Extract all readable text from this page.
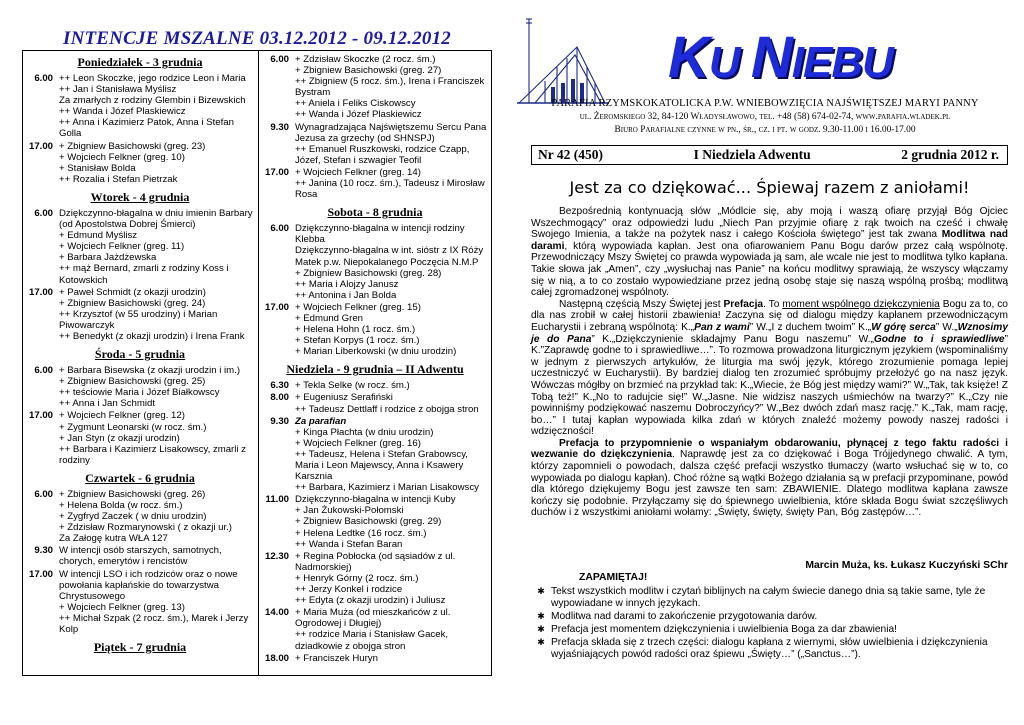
INTENCJE MSZALNE 03.12.2012 - 09.12.2012
Poniedziałek - 3 grudnia
6.00 ++ Leon Skoczke, jego rodzice Leon i Maria
++ Jan i Stanisława Myślisz
Za zmarłych z rodziny Glembin i Bizewskich
++ Wanda i Józef Plaskiewicz
++ Anna i Kazimierz Patok, Anna i Stefan Golla
17.00 + Zbigniew Basichowski (greg. 23)
+ Wojciech Felkner (greg. 10)
+ Stanisław Bolda
++ Rozalia i Stefan Pietrzak
Wtorek - 4 grudnia
6.00 Dziękczynno-błagalna w dniu imienin Barbary (od Apostolstwa Dobrej Śmierci)
+ Edmund Myślisz
+ Wojciech Felkner (greg. 11)
+ Barbara Jażdżewska
++ mąż Bernard, zmarli z rodziny Koss i Kotowskich
17.00 + Paweł Schmidt (z okazji urodzin)
+ Zbigniew Basichowski (greg. 24)
++ Krzysztof (w 55 urodziny) i Marian Piwowarczyk
++ Benedykt (z okazji urodzin) i Irena Frank
Środa - 5 grudnia
6.00 + Barbara Bisewska (z okazji urodzin i im.)
+ Zbigniew Basichowski (greg. 25)
++ teściowie Maria i Józef Białkowscy
++ Anna i Jan Schmidt
17.00 + Wojciech Felkner (greg. 12)
+ Zygmunt Leonarski (w rocz. śm.)
+ Jan Styn (z okazji urodzin)
++ Barbara i Kazimierz Lisakowscy, zmarli z rodziny
Czwartek - 6 grudnia
6.00 + Zbigniew Basichowski (greg. 26)
+ Helena Bolda (w rocz. śm.)
+ Zygfryd Zaczek ( w dniu urodzin)
+ Zdzisław Rozmarynowski ( z okazji ur.)
Za Załogę kutra WŁA 127
9.30 W intencji osób starszych, samotnych, chorych, emerytów i rencistów
17.00 W intencji LSO i ich rodziców oraz o nowe powołania kapłańskie do towarzystwa Chrystusowego
+ Wojciech Felkner (greg. 13)
++ Michał Szpak (2 rocz. śm.), Marek i Jerzy Kolp
Piątek - 7 grudnia
6.00 + Zdzisław Skoczke (2 rocz. śm.)
+ Zbigniew Basichowski (greg. 27)
++ Zbigniew (5 rocz. śm.), Irena i Franciszek Bystram
++ Aniela i Feliks Ciskowscy
++ Wanda i Józef Plaskiewicz
9.30 Wynagradzająca Najświętszemu Sercu Pana Jezusa za grzechy (od SHNSPJ)
++ Emanuel Ruszkowski, rodzice Czapp, Józef, Stefan i szwagier Teofil
17.00 + Wojciech Felkner (greg. 14)
++ Janina (10 rocz. śm.), Tadeusz i Mirosław Rosa
Sobota - 8 grudnia
6.00 Dziękczynno-błagalna w intencji rodziny Klebba
Dziękczynno-błagalna w int. sióstr z IX Róży Matek p.w. Niepokalanego Poczęcia N.M.P
+ Zbigniew Basichowski (greg. 28)
++ Maria i Alojzy Janusz
++ Antonina i Jan Bolda
17.00 + Wojciech Felkner (greg. 15)
+ Edmund Gren
+ Helena Hohn (1 rocz. śm.)
+ Stefan Korpys (1 rocz. śm.)
+ Marian Liberkowski (w dniu urodzin)
Niedziela - 9 grudnia – II Adwentu
6.30 + Tekla Selke (w rocz. śm.)
8.00 + Eugeniusz Serafiński
++ Tadeusz Dettlaff i rodzice z obojga stron
9.30 Za parafian
+ Kinga Płachta (w dniu urodzin)
+ Wojciech Felkner (greg. 16)
++ Tadeusz, Helena i Stefan Grabowscy, Maria i Leon Majewscy, Anna i Ksawery Karsznia
++ Barbara, Kazimierz i Marian Lisakowscy
11.00 Dziękczynno-błagalna w intencji Kuby
+ Jan Żukowski-Połomski
+ Zbigniew Basichowski (greg. 29)
+ Helena Ledtke (16 rocz. śm.)
++ Wanda i Stefan Baran
12.30 + Regina Pobłocka (od sąsiadów z ul. Nadmorskiej)
+ Henryk Górny (2 rocz. śm.)
++ Jerzy Konkel i rodzice
++ Edyta (z okazji urodzin) i Juliusz
14.00 + Maria Muża (od mieszkańców z ul. Ogrodowej i Długiej)
++ rodzice Maria i Stanisław Gacek, dziadkowie z obojga stron
18.00 + Franciszek Huryn
KU NIEBU
PARAFIA RZYMSKOKATOLICKA P.W. WNIEBOWZIĘCIA NAJŚWIĘTSZEJ MARYI PANNY
ul. Żeromskiego 32, 84-120 Władysławowo, tel. +48 (58) 674-02-74, www.parafia.wladek.pl
Biuro Parafialne czynne w pn., śr., cz. i pt. w godz. 9.30-11.00 i 16.00-17.00
Nr 42 (450)	I Niedziela Adwentu	2 grudnia 2012 r.
Jest za co dziękować... Śpiewaj razem z aniołami!

Bezpośrednią kontynuacją słów „Módlcie się, aby moją i waszą ofiarę przyjął Bóg Ojciec Wszechmogący” oraz odpowiedzi ludu „Niech Pan przyjmie ofiarę z rąk twoich na cześć i chwałę Swojego Imienia, a także na pożytek nasz i całego Kościoła świętego” jest tak zwana Modlitwa nad darami, którą wypowiada kapłan. Jest ona ofiarowaniem Panu Bogu darów przez całą wspólnotę. Przewodniczący Mszy Świętej co prawda wypowiada ją sam, ale wcale nie jest to modlitwa tylko kapłana. Takie słowa jak „Amen”, czy „wysłuchaj nas Panie” na końcu modlitwy sprawiają, że wszyscy włączamy się w nią, a to co zostało wypowiedziane przez jedną osobę staje się naszą wspólną prośbą; modlitwą całej zgromadzonej wspólnoty.

Następną częścią Mszy Świętej jest Prefacja. To moment wspólnego dziękczynienia Bogu za to, co dla nas zrobił w całej historii zbawienia! Zaczyna się od dialogu między kapłanem przewodniczącym Eucharystii i zebraną wspólnotą: K.„Pan z wami” W.„I z duchem twoim” K.„W górę serca” W.„Wznosimy je do Pana” K.„Dziękczynienie składajmy Panu Bogu naszemu” W.„Godne to i sprawiedliwe” K.”Zaprawdę godne to i sprawiedliwe…”. To rozmowa prowadzona liturgicznym językiem (wspominaliśmy w jednym z pierwszych artykułów, że liturgia ma swój język, którego zrozumienie pomaga lepiej uczestniczyć w Eucharystii). By bardziej dialog ten zrozumieć spróbujmy przełożyć go na nasz język. Wówczas mógłby on brzmieć na przykład tak: K.„Wiecie, że Bóg jest między wami?” W.„Tak, tak księże! Z Tobą też!” K.„No to radujcie się!” W.„Jasne. Nie widzisz naszych uśmiechów na twarzy?” K.„Czy nie powinniśmy podziękować naszemu Dobroczyńcy?” W.„Bez dwóch zdań masz rację.” K.„Tak, mam rację, bo…” I tutaj kapłan wypowiada kilka zdań w których znaleźć możemy powody naszej radości i wdzięczności!

Prefacja to przypomnienie o wspaniałym obdarowaniu, płynącej z tego faktu radości i wezwanie do dziękczynienia. Naprawdę jest za co dziękować i Boga Trójjedynego chwalić. A tym, którzy zapomnieli o powodach, dalsza część prefacji wszystko tłumaczy (warto wsłuchać się w to, co wypowiada po dialogu kapłan). Choć różne są wątki Bożego działania są w prefacji przypominane, powód dla którego dziękujemy Bogu jest zawsze ten sam: ZBAWIENIE. Dlatego modlitwa kapłana zawsze kończy się podobnie. Przyłączamy się do śpiewnego uwielbienia, które składa Bogu świat szczęśliwych duchów i z wszystkimi aniołami wołamy: „Święty, święty, święty Pan, Bóg zastępów…”.

Marcin Muża, ks. Łukasz Kuczyński SChr
ZAPAMIĘTAJ!
✱ Tekst wszystkich modlitw i czytań biblijnych na całym świecie danego dnia są takie same, tyle że wypowiadane w innych językach.
✱ Modlitwa nad darami to zakończenie przygotowania darów.
✱ Prefacja jest momentem dziękczynienia i uwielbienia Boga za dar zbawienia!
✱ Prefacja składa się z trzech części: dialogu kapłana z wiernymi, słów uwielbienia i dziękczynienia wyjaśniających powód radości oraz śpiewu „Święty…” („Sanctus…”).
